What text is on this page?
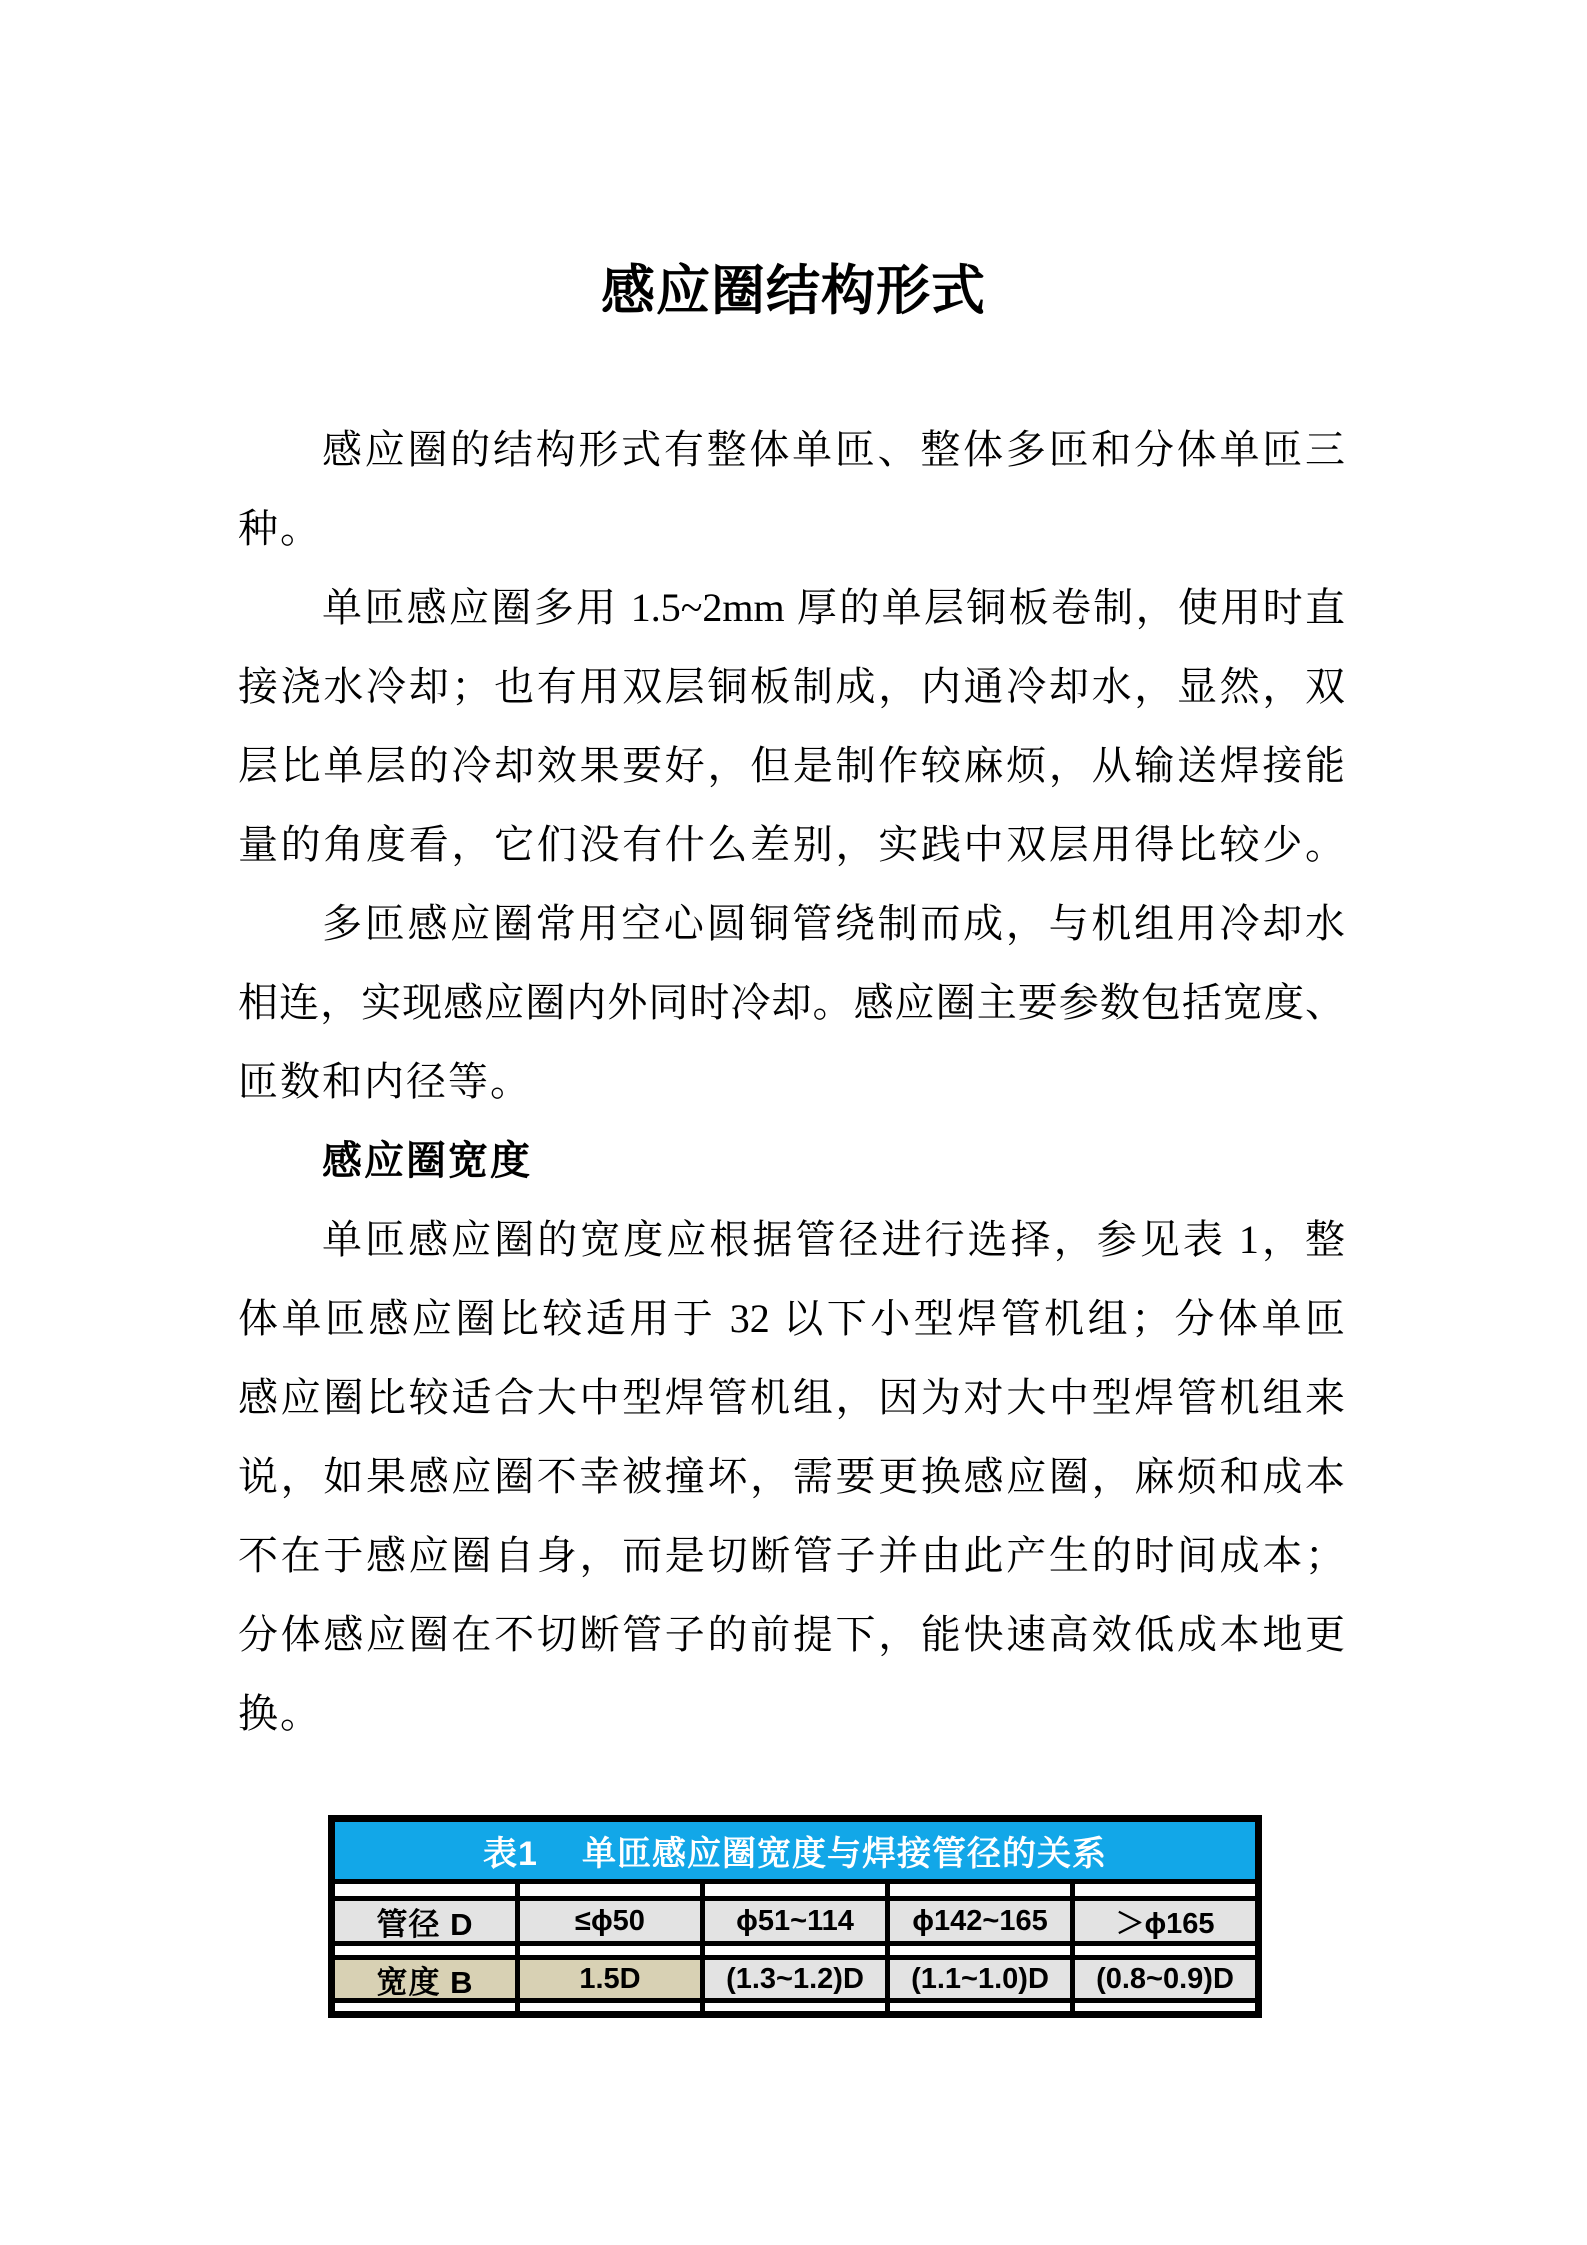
感应圈结构形式
感应圈的结构形式有整体单匝、整体多匝和分体单匝三
种。
单匝感应圈多用 1.5~2mm 厚的单层铜板卷制，使用时直
接浇水冷却；也有用双层铜板制成，内通冷却水，显然，双
层比单层的冷却效果要好，但是制作较麻烦，从输送焊接能
量的角度看，它们没有什么差别，实践中双层用得比较少。
多匝感应圈常用空心圆铜管绕制而成，与机组用冷却水
相连，实现感应圈内外同时冷却。感应圈主要参数包括宽度、
匝数和内径等。
感应圈宽度
单匝感应圈的宽度应根据管径进行选择，参见表 1，整
体单匝感应圈比较适用于 32 以下小型焊管机组；分体单匝
感应圈比较适合大中型焊管机组，因为对大中型焊管机组来
说，如果感应圈不幸被撞坏，需要更换感应圈，麻烦和成本
不在于感应圈自身，而是切断管子并由此产生的时间成本；
分体感应圈在不切断管子的前提下，能快速高效低成本地更
换。
表1 单匝感应圈宽度与焊接管径的关系
管径 D	≤ϕ50	ϕ51~114	ϕ142~165	＞ϕ165
宽度 B	1.5D	(1.3~1.2)D	(1.1~1.0)D	(0.8~0.9)D
